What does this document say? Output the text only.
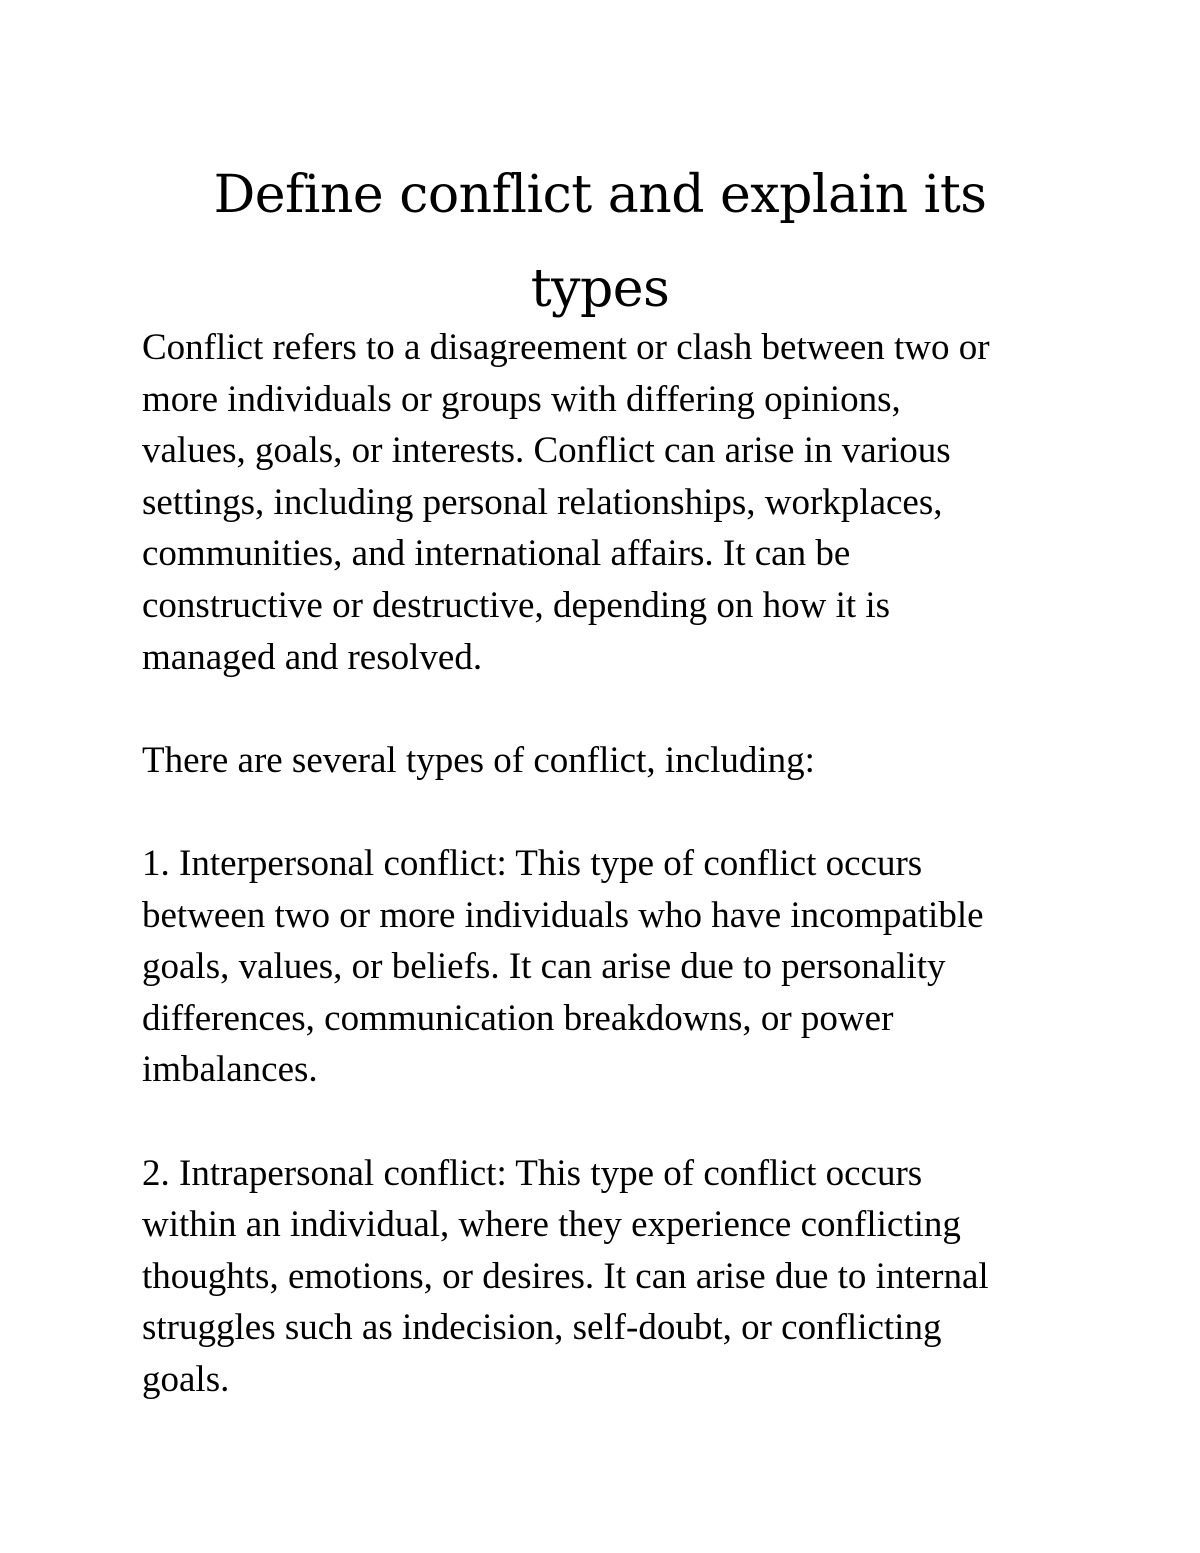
Define conflict and explain its
types

Conflict refers to a disagreement or clash between two or
more individuals or groups with differing opinions,
values, goals, or interests. Conflict can arise in various
settings, including personal relationships, workplaces,
communities, and international affairs. It can be
constructive or destructive, depending on how it is
managed and resolved.

There are several types of conflict, including:

1. Interpersonal conflict: This type of conflict occurs
between two or more individuals who have incompatible
goals, values, or beliefs. It can arise due to personality
differences, communication breakdowns, or power
imbalances.

2. Intrapersonal conflict: This type of conflict occurs
within an individual, where they experience conflicting
thoughts, emotions, or desires. It can arise due to internal
struggles such as indecision, self-doubt, or conflicting
goals.
